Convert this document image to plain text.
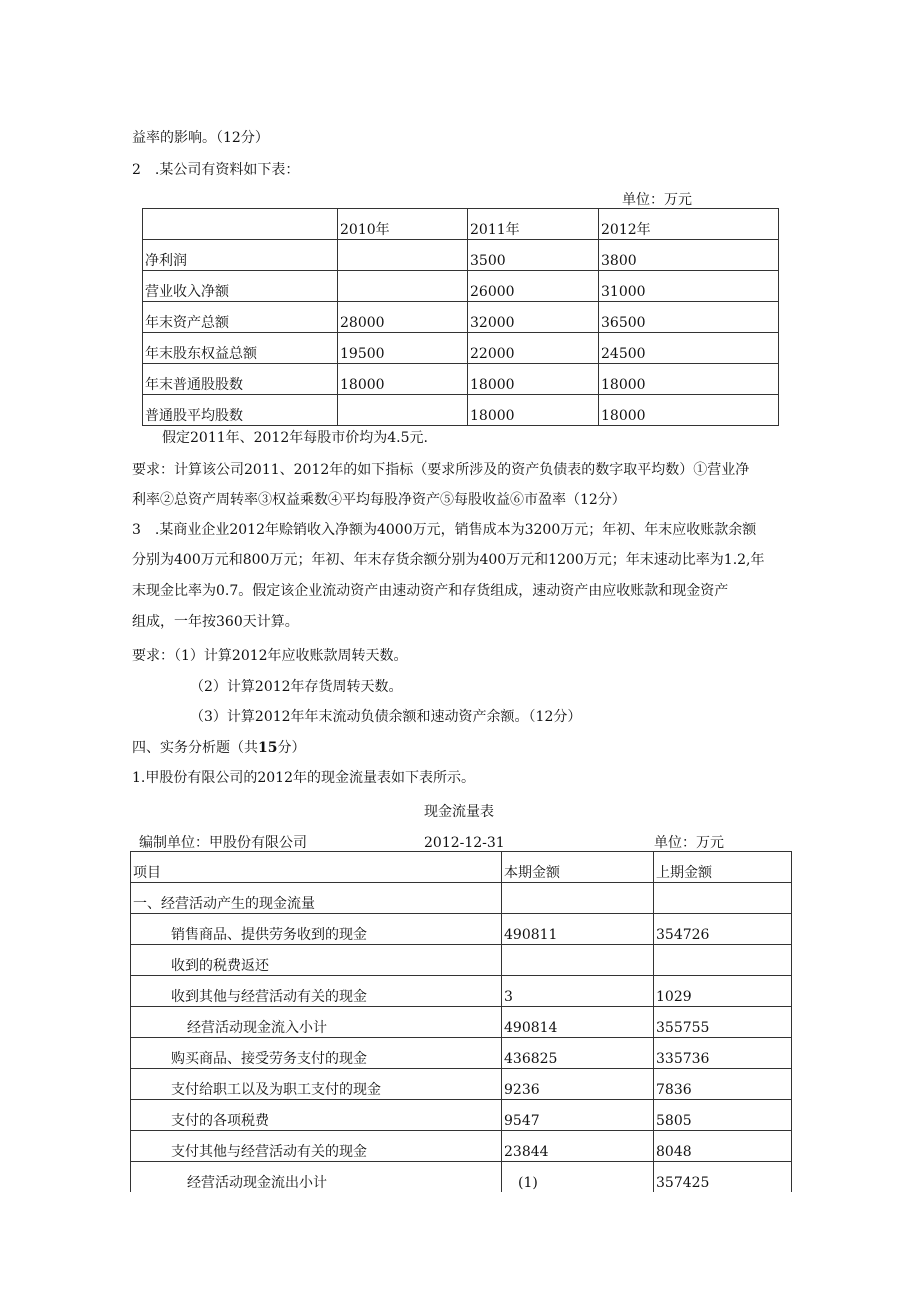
益率的影响。（12分）
2　.某公司有资料如下表：
单位：万元
	2010年	2011年	2012年
净利润		3500	3800
营业收入净额		26000	31000
年末资产总额	28000	32000	36500
年末股东权益总额	19500	22000	24500
年末普通股股数	18000	18000	18000
普通股平均股数		18000	18000
假定2011年、2012年每股市价均为4.5元.
要求：计算该公司2011、2012年的如下指标（要求所涉及的资产负债表的数字取平均数）①营业净
利率②总资产周转率③权益乘数④平均每股净资产⑤每股收益⑥市盈率（12分）
3　.某商业企业2012年赊销收入净额为4000万元，销售成本为3200万元；年初、年末应收账款余额
分别为400万元和800万元；年初、年末存货余额分别为400万元和1200万元；年末速动比率为1.2,年
末现金比率为0.7。假定该企业流动资产由速动资产和存货组成，速动资产由应收账款和现金资产
组成，一年按360天计算。
要求：（1）计算2012年应收账款周转天数。
（2）计算2012年存货周转天数。
（3）计算2012年年末流动负债余额和速动资产余额。（12分）
四、实务分析题（共15分）
1.甲股份有限公司的2012年的现金流量表如下表所示。
现金流量表
编制单位：甲股份有限公司	2012-12-31	单位：万元
项目	本期金额	上期金额
一、经营活动产生的现金流量		
销售商品、提供劳务收到的现金	490811	354726
收到的税费返还		
收到其他与经营活动有关的现金	3	1029
经营活动现金流入小计	490814	355755
购买商品、接受劳务支付的现金	436825	335736
支付给职工以及为职工支付的现金	9236	7836
支付的各项税费	9547	5805
支付其他与经营活动有关的现金	23844	8048
经营活动现金流出小计	(1)	357425
